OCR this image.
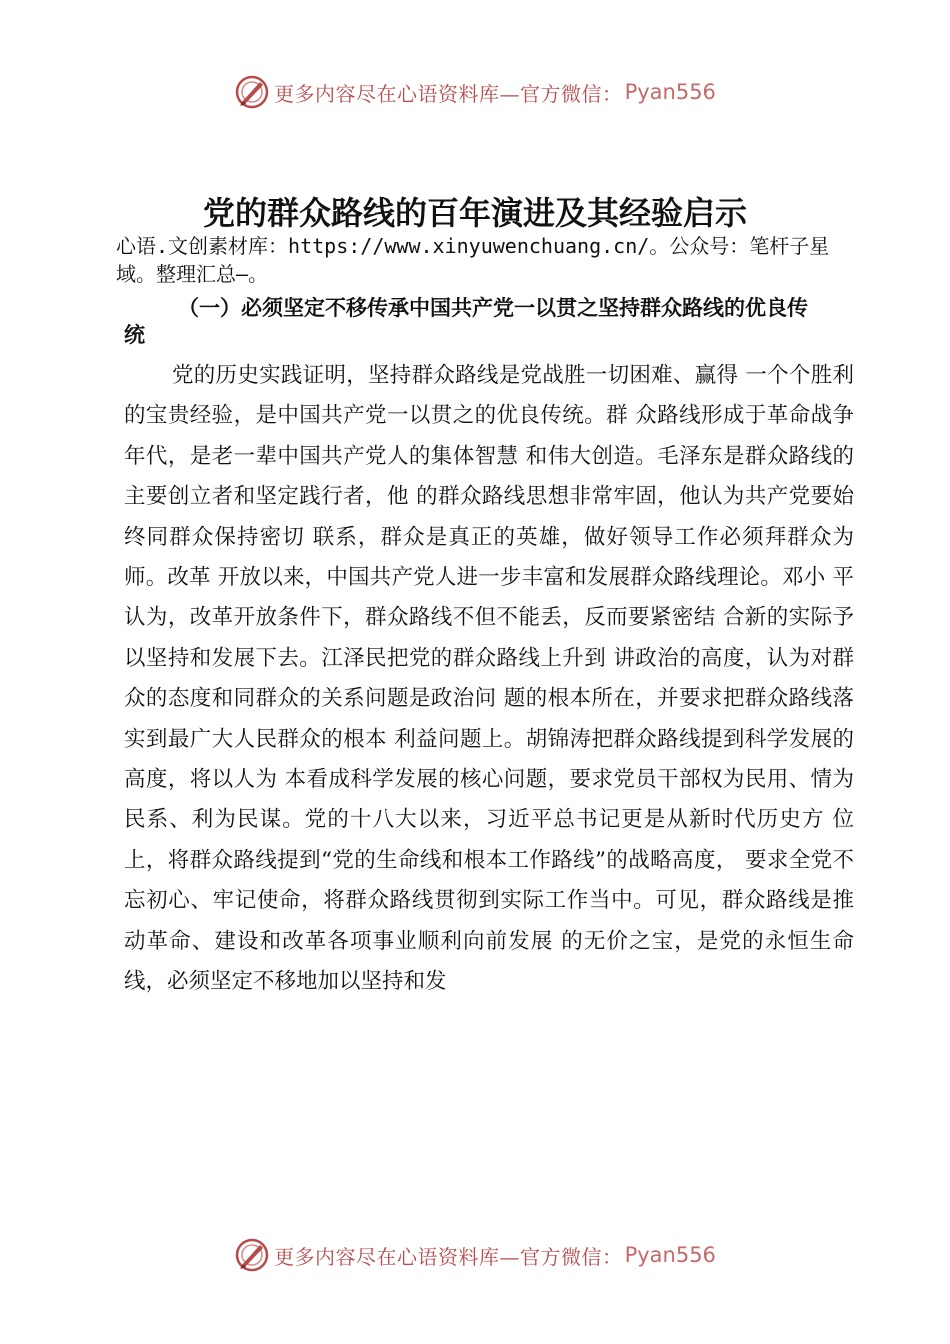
更多内容尽在心语资料库—官方微信： Pyan556
党的群众路线的百年演进及其经验启示
心语.文创素材库：https://www.xinyuwenchuang.cn/。公众号：笔杆子星域。整理汇总—。
（一）必须坚定不移传承中国共产党一以贯之坚持群众路线的优良传统
党的历史实践证明，坚持群众路线是党战胜一切困难、赢得 一个个胜利的宝贵经验，是中国共产党一以贯之的优良传统。群 众路线形成于革命战争年代，是老一辈中国共产党人的集体智慧 和伟大创造。毛泽东是群众路线的主要创立者和坚定践行者，他 的群众路线思想非常牢固，他认为共产党要始终同群众保持密切 联系，群众是真正的英雄，做好领导工作必须拜群众为师。改革 开放以来，中国共产党人进一步丰富和发展群众路线理论。邓小 平认为，改革开放条件下，群众路线不但不能丢，反而要紧密结 合新的实际予以坚持和发展下去。江泽民把党的群众路线上升到 讲政治的高度，认为对群众的态度和同群众的关系问题是政治问 题的根本所在，并要求把群众路线落实到最广大人民群众的根本 利益问题上。胡锦涛把群众路线提到科学发展的高度，将以人为 本看成科学发展的核心问题，要求党员干部权为民用、情为民系、利为民谋。党的十八大以来，习近平总书记更是从新时代历史方 位上，将群众路线提到“党的生命线和根本工作路线”的战略高度， 要求全党不忘初心、牢记使命，将群众路线贯彻到实际工作当中。可见，群众路线是推动革命、建设和改革各项事业顺利向前发展 的无价之宝，是党的永恒生命线，必须坚定不移地加以坚持和发
更多内容尽在心语资料库—官方微信： Pyan556
